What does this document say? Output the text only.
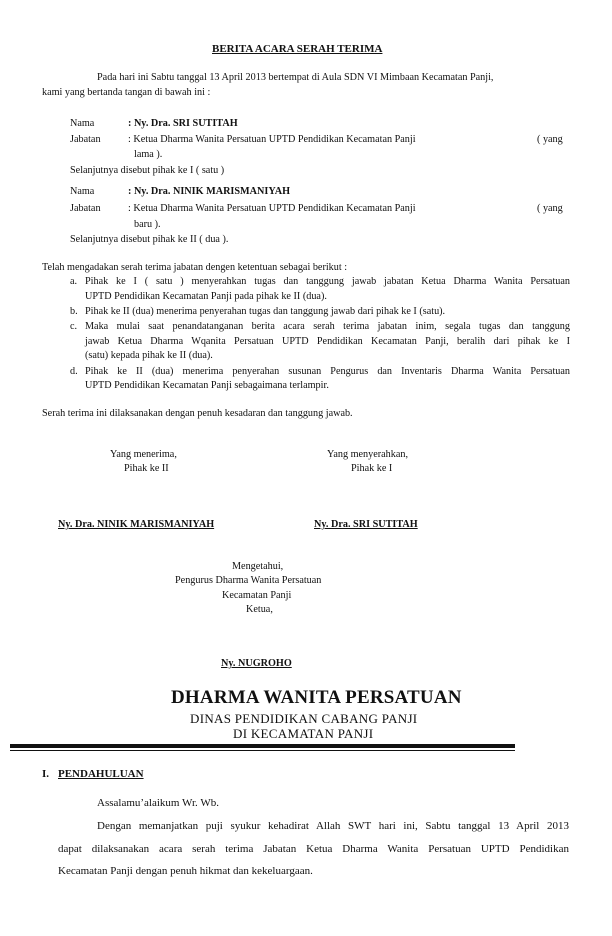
BERITA ACARA SERAH TERIMA
Pada hari ini Sabtu tanggal 13 April 2013 bertempat di Aula SDN VI Mimbaan Kecamatan Panji,
kami yang bertanda tangan di bawah ini :
Nama	: Ny. Dra. SRI SUTITAH
Jabatan	: Ketua Dharma Wanita Persatuan UPTD Pendidikan Kecamatan Panji	( yang
lama ).
Selanjutnya disebut pihak ke I ( satu )
Nama	: Ny. Dra. NINIK MARISMANIYAH
Jabatan	: Ketua Dharma Wanita Persatuan UPTD Pendidikan Kecamatan Panji	( yang
baru ).
Selanjutnya disebut pihak ke II ( dua ).
Telah mengadakan serah terima jabatan dengen ketentuan sebagai berikut :
a. Pihak ke I ( satu ) menyerahkan tugas dan tanggung jawab jabatan Ketua Dharma Wanita Persatuan
UPTD Pendidikan Kecamatan Panji pada pihak ke II (dua).
b. Pihak ke II (dua) menerima penyerahan tugas dan tanggung jawab dari pihak ke I (satu).
c. Maka mulai saat penandatanganan berita acara serah terima jabatan inim, segala tugas dan tanggung
jawab Ketua Dharma Wqanita Persatuan UPTD Pendidikan Kecamatan Panji, beralih dari pihak ke I
(satu) kepada pihak ke II (dua).
d. Pihak ke II (dua) menerima penyerahan susunan Pengurus dan Inventaris Dharma Wanita Persatuan
UPTD Pendidikan Kecamatan Panji sebagaimana terlampir.
Serah terima ini dilaksanakan dengan penuh kesadaran dan tanggung jawab.
Yang menerima,
Pihak ke II
Yang menyerahkan,
Pihak ke I
Ny. Dra. NINIK MARISMANIYAH	Ny. Dra. SRI SUTITAH
Mengetahui,
Pengurus Dharma Wanita Persatuan
Kecamatan Panji
Ketua,
Ny. NUGROHO
DHARMA WANITA PERSATUAN
DINAS PENDIDIKAN CABANG PANJI
DI KECAMATAN PANJI
I. PENDAHULUAN
Assalamu’alaikum Wr. Wb.
Dengan memanjatkan puji syukur kehadirat Allah SWT hari ini, Sabtu tanggal 13 April 2013
dapat dilaksanakan acara serah terima Jabatan Ketua Dharma Wanita Persatuan UPTD Pendidikan
Kecamatan Panji dengan penuh hikmat dan kekeluargaan.
